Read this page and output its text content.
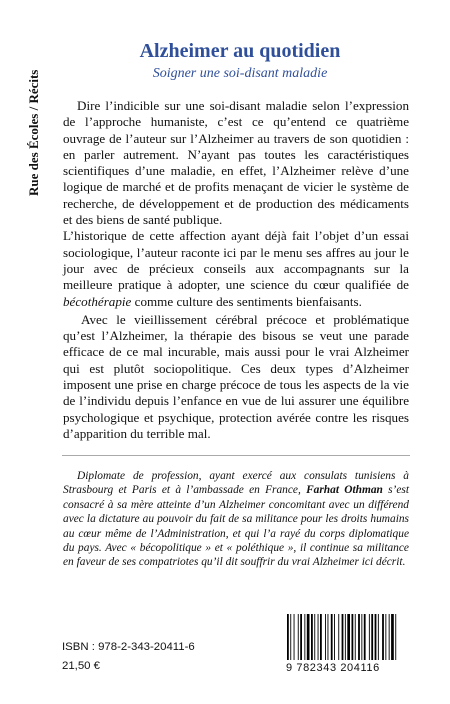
Rue des Écoles / Récits
Alzheimer au quotidien
Soigner une soi-disant maladie

Dire l’indicible sur une soi-disant maladie selon l’expression de l’approche humaniste, c’est ce qu’entend ce quatrième ouvrage de l’auteur sur l’Alzheimer au travers de son quotidien : en parler autrement. N’ayant pas toutes les caractéristiques scientifiques d’une maladie, en effet, l’Alzheimer relève d’une logique de marché et de profits menaçant de vicier le système de recherche, de développement et de production des médicaments et des biens de santé publique.

L’historique de cette affection ayant déjà fait l’objet d’un essai sociologique, l’auteur raconte ici par le menu ses affres au jour le jour avec de précieux conseils aux accompagnants sur la meilleure pratique à adopter, une science du cœur qualifiée de bécothérapie comme culture des sentiments bienfaisants.

Avec le vieillissement cérébral précoce et problématique qu’est l’Alzheimer, la thérapie des bisous se veut une parade efficace de ce mal incurable, mais aussi pour le vrai Alzheimer qui est plutôt sociopolitique. Ces deux types d’Alzheimer imposent une prise en charge précoce de tous les aspects de la vie de l’individu depuis l’enfance en vue de lui assurer une équilibre psychologique et psychique, protection avérée contre les risques d’apparition du terrible mal.

Diplomate de profession, ayant exercé aux consulats tunisiens à Strasbourg et Paris et à l’ambassade en France, Farhat Othman s’est consacré à sa mère atteinte d’un Alzheimer concomitant avec un différend avec la dictature au pouvoir du fait de sa militance pour les droits humains au cœur même de l’Administration, et qui l’a rayé du corps diplomatique du pays. Avec « bécopolitique » et « poléthique », il continue sa militance en faveur de ses compatriotes qu’il dit souffrir du vrai Alzheimer ici décrit.

ISBN : 978-2-343-20411-6
21,50 €	9 782343 204116
